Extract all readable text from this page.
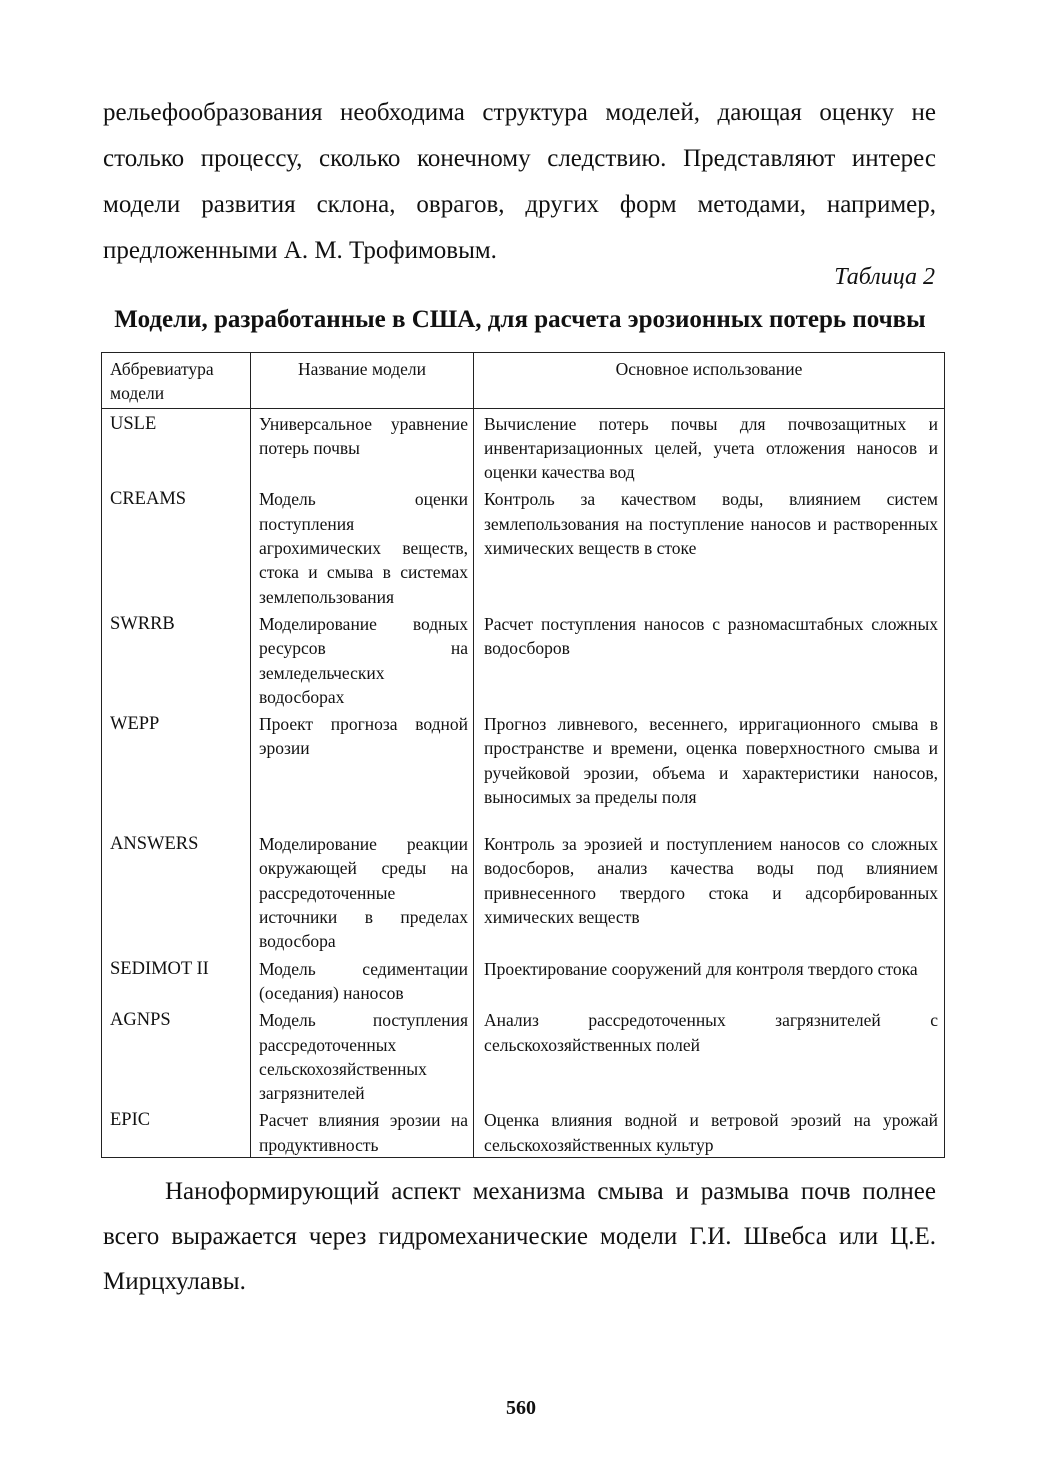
рельефообразования необходима структура моделей, дающая оценку не столько процессу, сколько конечному следствию. Представляют интерес модели развития склона, оврагов, других форм методами, например, предложенными А. М. Трофимовым.

Таблица 2

Модели, разработанные в США, для расчета эрозионных потерь почвы

Аббревиатура модели	Название модели	Основное использование
USLE	Универсальное уравнение потерь почвы	Вычисление потерь почвы для почвозащитных и инвентаризационных целей, учета отложения наносов и оценки качества вод
CREAMS	Модель оценки поступления агрохимических веществ, стока и смыва в системах землепользования	Контроль за качеством воды, влиянием систем землепользования на поступление наносов и растворенных химических веществ в стоке
SWRRB	Моделирование водных ресурсов на земледельческих водосборах	Расчет поступления наносов с разномасштабных сложных водосборов
WEPP	Проект прогноза водной эрозии	Прогноз ливневого, весеннего, ирригационного смыва в пространстве и времени, оценка поверхностного смыва и ручейковой эрозии, объема и характеристики наносов, выносимых за пределы поля
ANSWERS	Моделирование реакции окружающей среды на рассредоточенные источники в пределах водосбора	Контроль за эрозией и поступлением наносов со сложных водосборов, анализ качества воды под влиянием привнесенного твердого стока и адсорбированных химических веществ
SEDIMOT II	Модель седиментации (оседания) наносов	Проектирование сооружений для контроля твердого стока
AGNPS	Модель поступления рассредоточенных сельскохозяйственных загрязнителей	Анализ рассредоточенных загрязнителей с сельскохозяйственных полей
EPIC	Расчет влияния эрозии на продуктивность	Оценка влияния водной и ветровой эрозий на урожай сельскохозяйственных культур

Наноформирующий аспект механизма смыва и размыва почв полнее всего выражается через гидромеханические модели Г.И. Швебса или Ц.Е. Мирцхулавы.

560
